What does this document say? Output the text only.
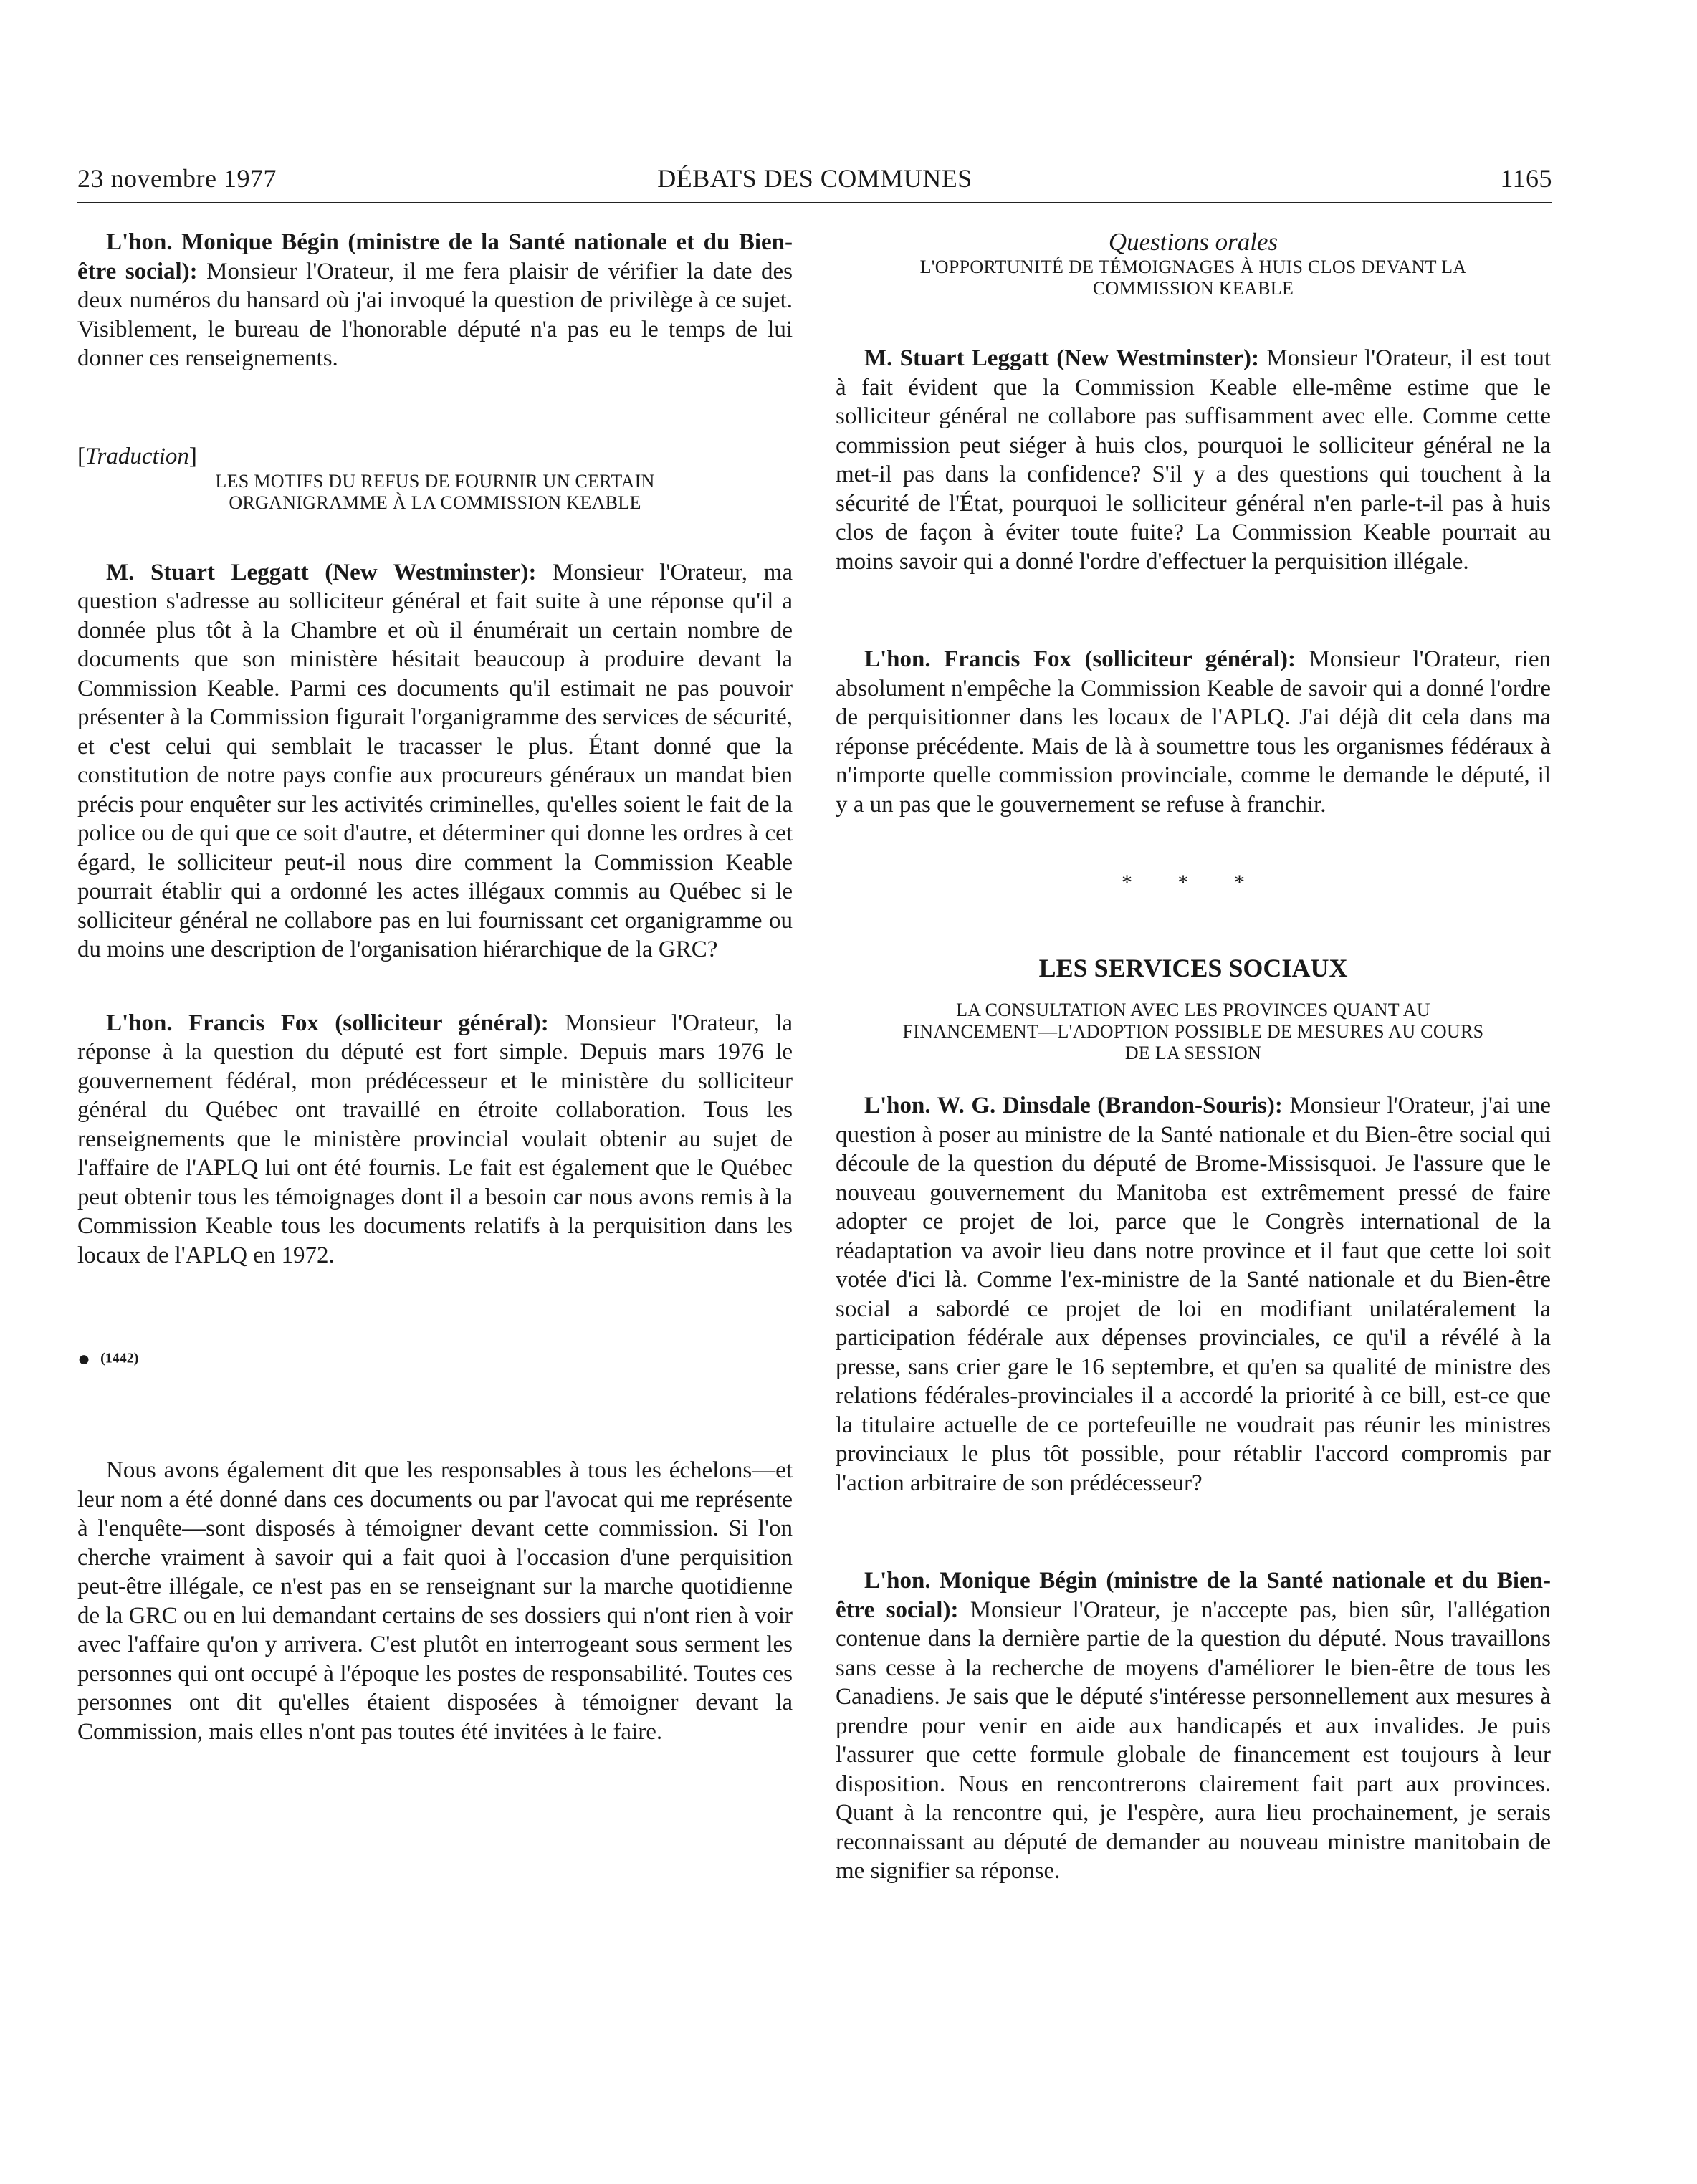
DÉBATS DES COMMUNES
23 novembre 1977	1165

L'hon. Monique Bégin (ministre de la Santé nationale et du Bien-être social): Monsieur l'Orateur, il me fera plaisir de vérifier la date des deux numéros du hansard où j'ai invoqué la question de privilège à ce sujet. Visiblement, le bureau de l'honorable député n'a pas eu le temps de lui donner ces renseignements.

[Traduction]

LES MOTIFS DU REFUS DE FOURNIR UN CERTAIN

ORGANIGRAMME À LA COMMISSION KEABLE

M. Stuart Leggatt (New Westminster): Monsieur l'Orateur, ma question s'adresse au solliciteur général et fait suite à une réponse qu'il a donnée plus tôt à la Chambre et où il énumérait un certain nombre de documents que son ministère hésitait beaucoup à produire devant la Commission Keable. Parmi ces documents qu'il estimait ne pas pouvoir présenter à la Commission figurait l'organigramme des services de sécurité, et c'est celui qui semblait le tracasser le plus. Étant donné que la constitution de notre pays confie aux procureurs généraux un mandat bien précis pour enquêter sur les activités criminelles, qu'elles soient le fait de la police ou de qui que ce soit d'autre, et déterminer qui donne les ordres à cet égard, le solliciteur peut-il nous dire comment la Commission Keable pourrait établir qui a ordonné les actes illégaux commis au Québec si le solliciteur général ne collabore pas en lui fournissant cet organigramme ou du moins une description de l'organisation hiérarchique de la GRC?

L'hon. Francis Fox (solliciteur général): Monsieur l'Orateur, la réponse à la question du député est fort simple. Depuis mars 1976 le gouvernement fédéral, mon prédécesseur et le ministère du solliciteur général du Québec ont travaillé en étroite collaboration. Tous les renseignements que le ministère provincial voulait obtenir au sujet de l'affaire de l'APLQ lui ont été fournis. Le fait est également que le Québec peut obtenir tous les témoignages dont il a besoin car nous avons remis à la Commission Keable tous les documents relatifs à la perquisition dans les locaux de l'APLQ en 1972.

● (1442)

Nous avons également dit que les responsables à tous les échelons—et leur nom a été donné dans ces documents ou par l'avocat qui me représente à l'enquête—sont disposés à témoigner devant cette commission. Si l'on cherche vraiment à savoir qui a fait quoi à l'occasion d'une perquisition peut-être illégale, ce n'est pas en se renseignant sur la marche quotidienne de la GRC ou en lui demandant certains de ses dossiers qui n'ont rien à voir avec l'affaire qu'on y arrivera. C'est plutôt en interrogeant sous serment les personnes qui ont occupé à l'époque les postes de responsabilité. Toutes ces personnes ont dit qu'elles étaient disposées à témoigner devant la Commission, mais elles n'ont pas toutes été invitées à le faire.

Questions orales

L'OPPORTUNITÉ DE TÉMOIGNAGES À HUIS CLOS DEVANT LA

COMMISSION KEABLE

M. Stuart Leggatt (New Westminster): Monsieur l'Orateur, il est tout à fait évident que la Commission Keable elle-même estime que le solliciteur général ne collabore pas suffisamment avec elle. Comme cette commission peut siéger à huis clos, pourquoi le solliciteur général ne la met-il pas dans la confidence? S'il y a des questions qui touchent à la sécurité de l'État, pourquoi le solliciteur général n'en parle-t-il pas à huis clos de façon à éviter toute fuite? La Commission Keable pourrait au moins savoir qui a donné l'ordre d'effectuer la perquisition illégale.

L'hon. Francis Fox (solliciteur général): Monsieur l'Orateur, rien absolument n'empêche la Commission Keable de savoir qui a donné l'ordre de perquisitionner dans les locaux de l'APLQ. J'ai déjà dit cela dans ma réponse précédente. Mais de là à soumettre tous les organismes fédéraux à n'importe quelle commission provinciale, comme le demande le député, il y a un pas que le gouvernement se refuse à franchir.

* * *

LES SERVICES SOCIAUX

LA CONSULTATION AVEC LES PROVINCES QUANT AU

FINANCEMENT—L'ADOPTION POSSIBLE DE MESURES AU COURS

DE LA SESSION

L'hon. W. G. Dinsdale (Brandon-Souris): Monsieur l'Orateur, j'ai une question à poser au ministre de la Santé nationale et du Bien-être social qui découle de la question du député de Brome-Missisquoi. Je l'assure que le nouveau gouvernement du Manitoba est extrêmement pressé de faire adopter ce projet de loi, parce que le Congrès international de la réadaptation va avoir lieu dans notre province et il faut que cette loi soit votée d'ici là. Comme l'ex-ministre de la Santé nationale et du Bien-être social a sabordé ce projet de loi en modifiant unilatéralement la participation fédérale aux dépenses provinciales, ce qu'il a révélé à la presse, sans crier gare le 16 septembre, et qu'en sa qualité de ministre des relations fédérales-provinciales il a accordé la priorité à ce bill, est-ce que la titulaire actuelle de ce portefeuille ne voudrait pas réunir les ministres provinciaux le plus tôt possible, pour rétablir l'accord compromis par l'action arbitraire de son prédécesseur?

L'hon. Monique Bégin (ministre de la Santé nationale et du Bien-être social): Monsieur l'Orateur, je n'accepte pas, bien sûr, l'allégation contenue dans la dernière partie de la question du député. Nous travaillons sans cesse à la recherche de moyens d'améliorer le bien-être de tous les Canadiens. Je sais que le député s'intéresse personnellement aux mesures à prendre pour venir en aide aux handicapés et aux invalides. Je puis l'assurer que cette formule globale de financement est toujours à leur disposition. Nous en rencontrerons clairement fait part aux provinces. Quant à la rencontre qui, je l'espère, aura lieu prochainement, je serais reconnaissant au député de demander au nouveau ministre manitobain de me signifier sa réponse.
